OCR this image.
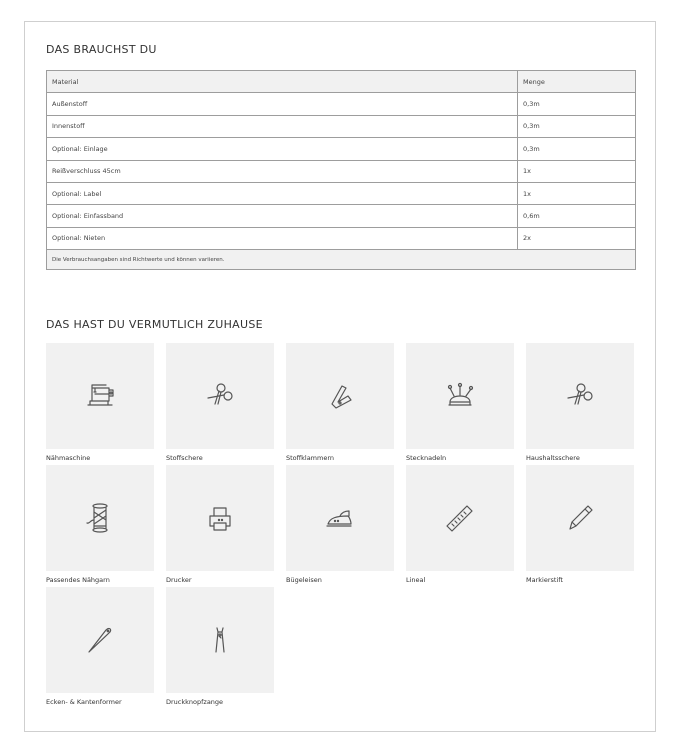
DAS BRAUCHST DU
Material	Menge
Außenstoff	0,3m
Innenstoff	0,3m
Optional: Einlage	0,3m
Reißverschluss 45cm	1x
Optional: Label	1x
Optional: Einfassband	0,6m
Optional: Nieten	2x
Die Verbrauchsangaben sind Richtwerte und können variieren.	
DAS HAST DU VERMUTLICH ZUHAUSE
Nähmaschine	Stoffschere	Stoffklammern	Stecknadeln	Haushaltsschere
Passendes Nähgarn	Drucker	Bügeleisen	Lineal	Markierstift
Ecken- & Kantenformer	Druckknopfzange
